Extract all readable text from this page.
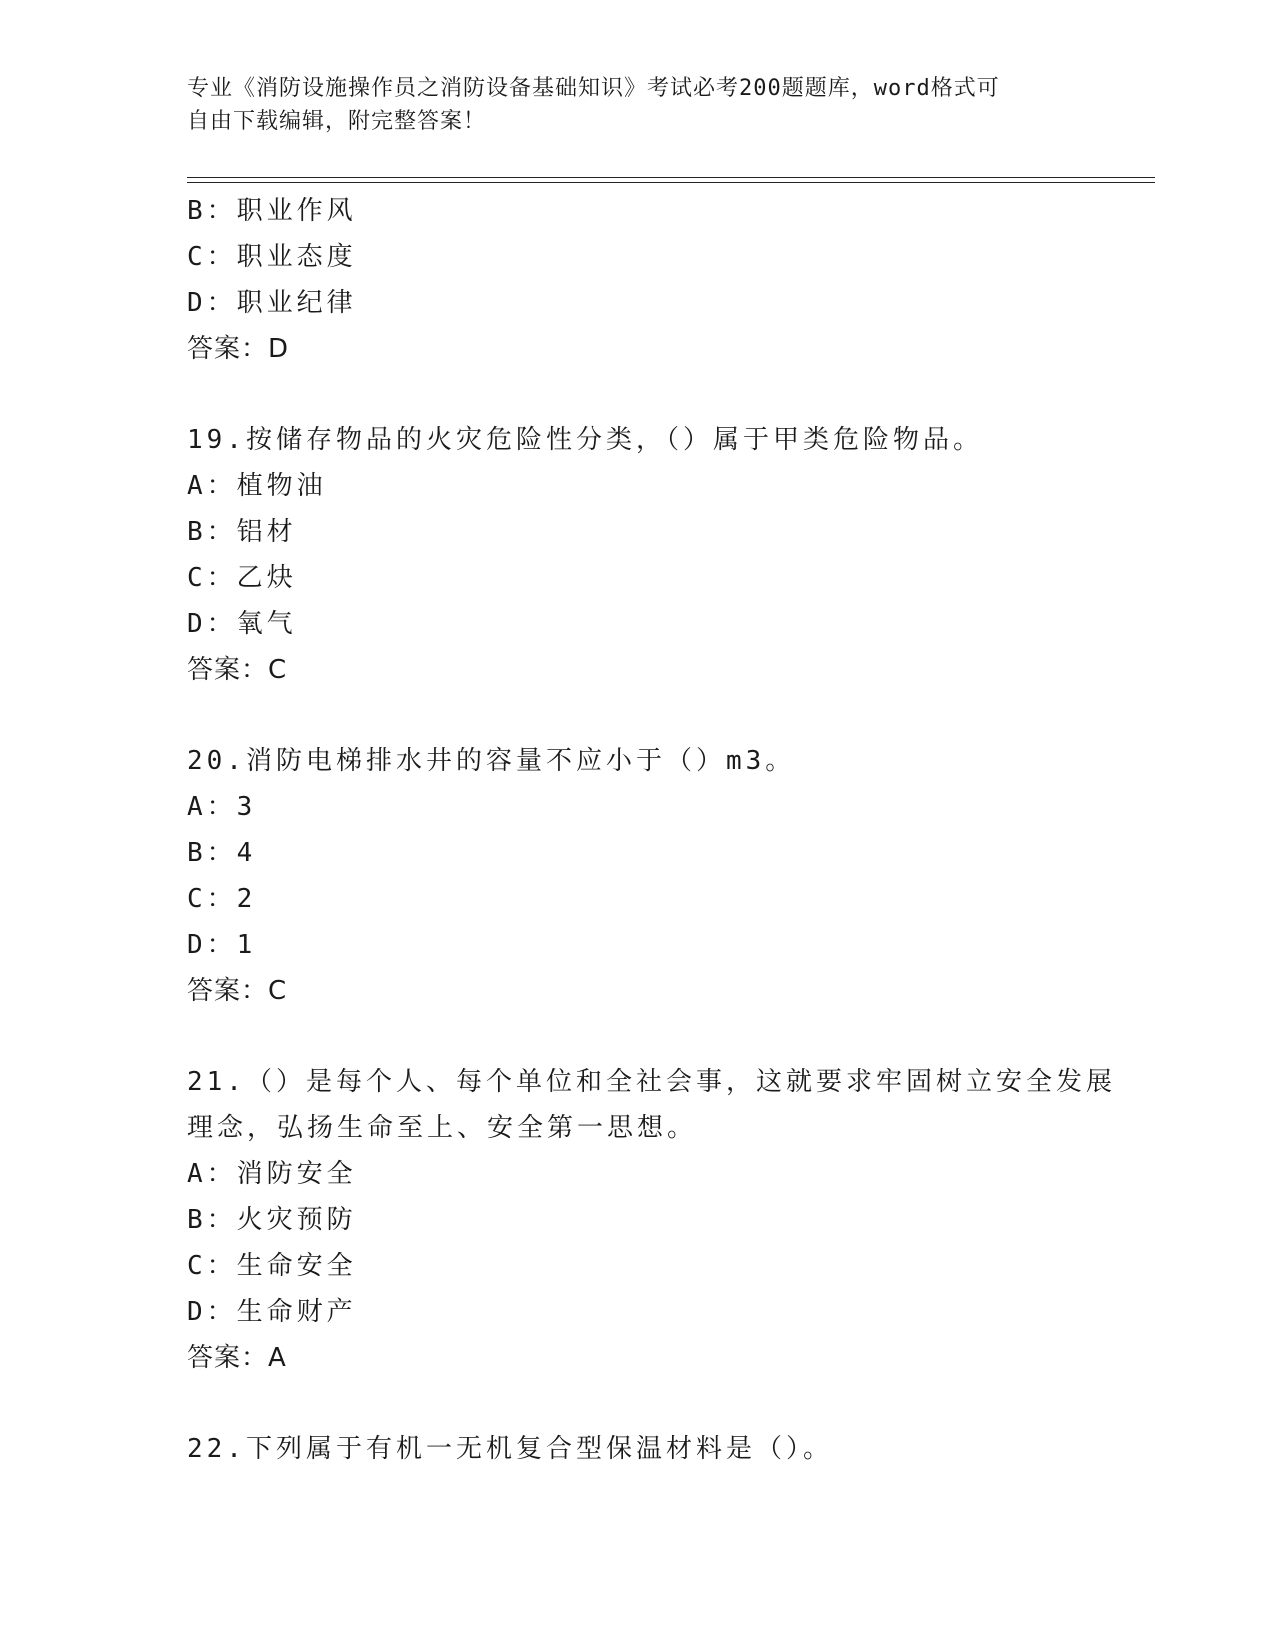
专业《消防设施操作员之消防设备基础知识》考试必考200题题库，word格式可
自由下载编辑，附完整答案！
B：职业作风
C：职业态度
D：职业纪律
答案：D
19.按储存物品的火灾危险性分类，（）属于甲类危险物品。
A：植物油
B：铝材
C：乙炔
D：氧气
答案：C
20.消防电梯排水井的容量不应小于（）m3。
A：3
B：4
C：2
D：1
答案：C
21.（）是每个人、每个单位和全社会事，这就要求牢固树立安全发展
理念，弘扬生命至上、安全第一思想。
A：消防安全
B：火灾预防
C：生命安全
D：生命财产
答案：A
22.下列属于有机一无机复合型保温材料是（）。
